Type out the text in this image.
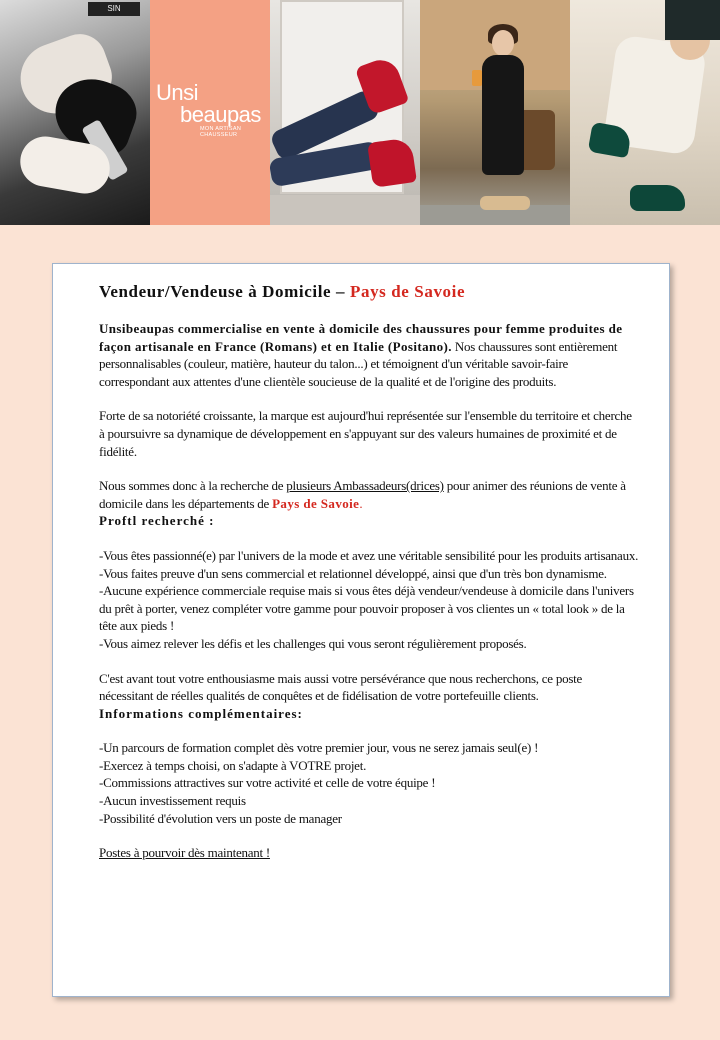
SIN
Unsi
beaupas
MON ARTISAN CHAUSSEUR
Vendeur/Vendeuse à Domicile – Pays de Savoie

Unsibeaupas commercialise en vente à domicile des chaussures pour femme produites de façon artisanale en France (Romans) et en Italie (Positano). Nos chaussures sont entièrement personnalisables (couleur, matière, hauteur du talon...) et témoignent d'un véritable savoir-faire correspondant aux attentes d'une clientèle soucieuse de la qualité et de l'origine des produits.

Forte de sa notoriété croissante, la marque est aujourd'hui représentée sur l'ensemble du territoire et cherche à poursuivre sa dynamique de développement en s'appuyant sur des valeurs humaines de proximité et de fidélité.

Nous sommes donc à la recherche de plusieurs Ambassadeurs(drices) pour animer des réunions de vente à domicile dans les départements de Pays de Savoie.

Proftl recherché :

-Vous êtes passionné(e) par l'univers de la mode et avez une véritable sensibilité pour les produits artisanaux.

-Vous faites preuve d'un sens commercial et relationnel développé, ainsi que d'un très bon dynamisme.

-Aucune expérience commerciale requise mais si vous êtes déjà vendeur/vendeuse à domicile dans l'univers du prêt à porter, venez compléter votre gamme pour pouvoir proposer à vos clientes un « total look » de la tête aux pieds !

-Vous aimez relever les défis et les challenges qui vous seront régulièrement proposés.

C'est avant tout votre enthousiasme mais aussi votre persévérance que nous recherchons, ce poste nécessitant de réelles qualités de conquêtes et de fidélisation de votre portefeuille clients.

Informations complémentaires:

-Un parcours de formation complet dès votre premier jour, vous ne serez jamais seul(e) !

-Exercez à temps choisi, on s'adapte à VOTRE projet.

-Commissions attractives sur votre activité et celle de votre équipe !

-Aucun investissement requis

-Possibilité d'évolution vers un poste de manager

Postes à pourvoir dès maintenant !
